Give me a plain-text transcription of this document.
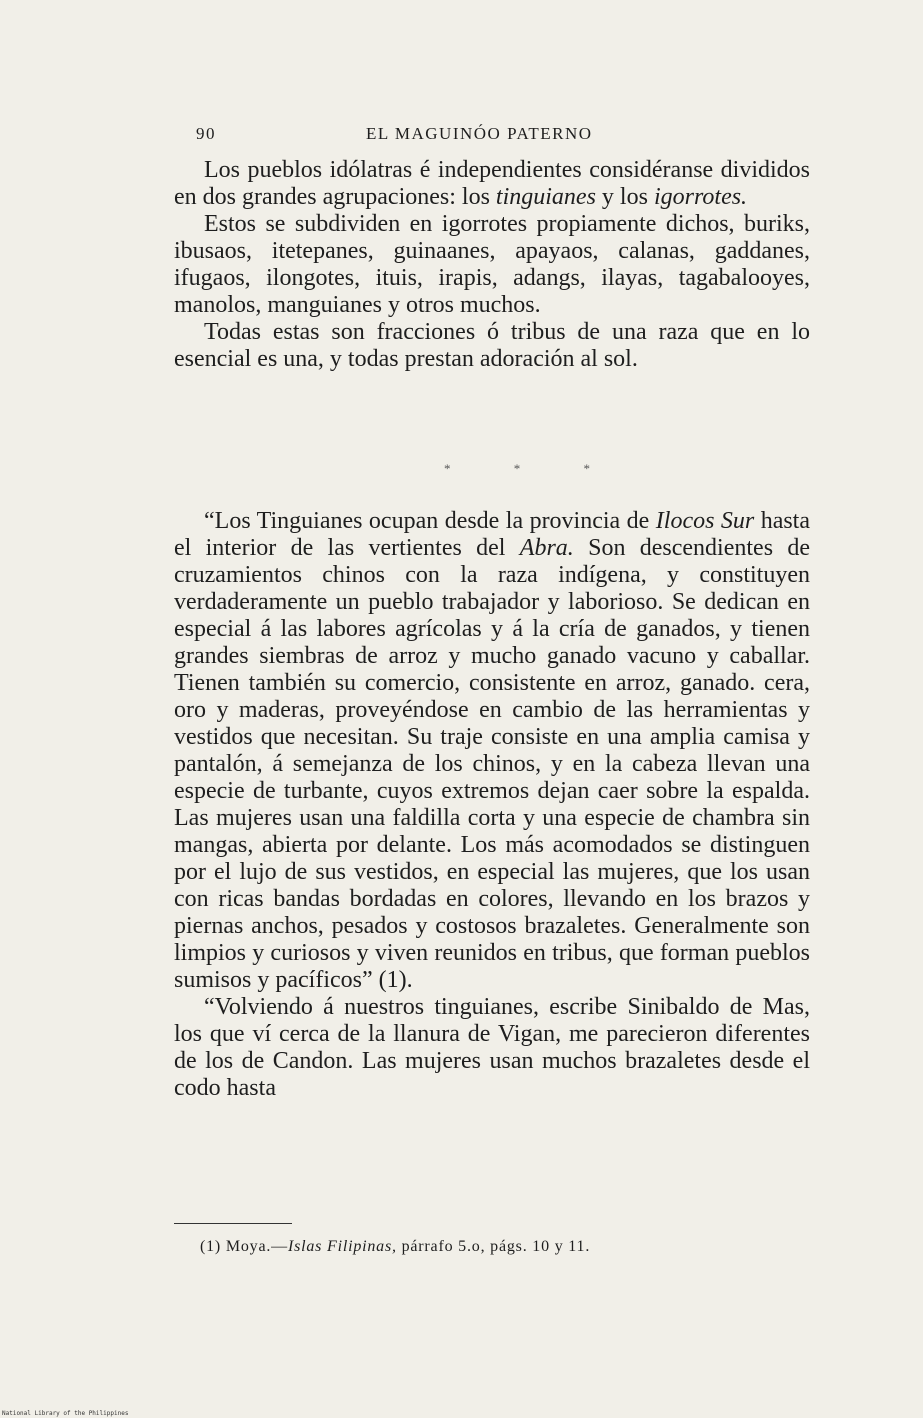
90	EL MAGUINÓO PATERNO

Los pueblos idólatras é independientes considéranse divididos en dos grandes agrupaciones: los tinguianes y los igorrotes.

Estos se subdividen en igorrotes propiamente dichos, buriks, ibusaos, itetepanes, guinaanes, apayaos, calanas, gaddanes, ifugaos, ilongotes, ituis, irapis, adangs, ilayas, tagabalooyes, manolos, manguianes y otros muchos.

Todas estas son fracciones ó tribus de una raza que en lo esencial es una, y todas prestan adoración al sol.

* * *

“Los Tinguianes ocupan desde la provincia de Ilocos Sur hasta el interior de las vertientes del Abra. Son descendientes de cruzamientos chinos con la raza indígena, y constituyen verdaderamente un pueblo trabajador y laborioso. Se dedican en especial á las labores agrícolas y á la cría de ganados, y tienen grandes siembras de arroz y mucho ganado vacuno y caballar. Tienen también su comercio, consistente en arroz, ganado. cera, oro y maderas, proveyéndose en cambio de las herramientas y vestidos que necesitan. Su traje consiste en una amplia camisa y pantalón, á semejanza de los chinos, y en la cabeza llevan una especie de turbante, cuyos extremos dejan caer sobre la espalda. Las mujeres usan una faldilla corta y una especie de chambra sin mangas, abierta por delante. Los más acomodados se distinguen por el lujo de sus vestidos, en especial las mujeres, que los usan con ricas bandas bordadas en colores, llevando en los brazos y piernas anchos, pesados y costosos brazaletes. Generalmente son limpios y curiosos y viven reunidos en tribus, que forman pueblos sumisos y pacíficos” (1).

“Volviendo á nuestros tinguianes, escribe Sinibaldo de Mas, los que ví cerca de la llanura de Vigan, me parecieron diferentes de los de Candon. Las mujeres usan muchos brazaletes desde el codo hasta

(1) Moya.—Islas Filipinas, párrafo 5.o, págs. 10 y 11.
National Library of the Philippines
